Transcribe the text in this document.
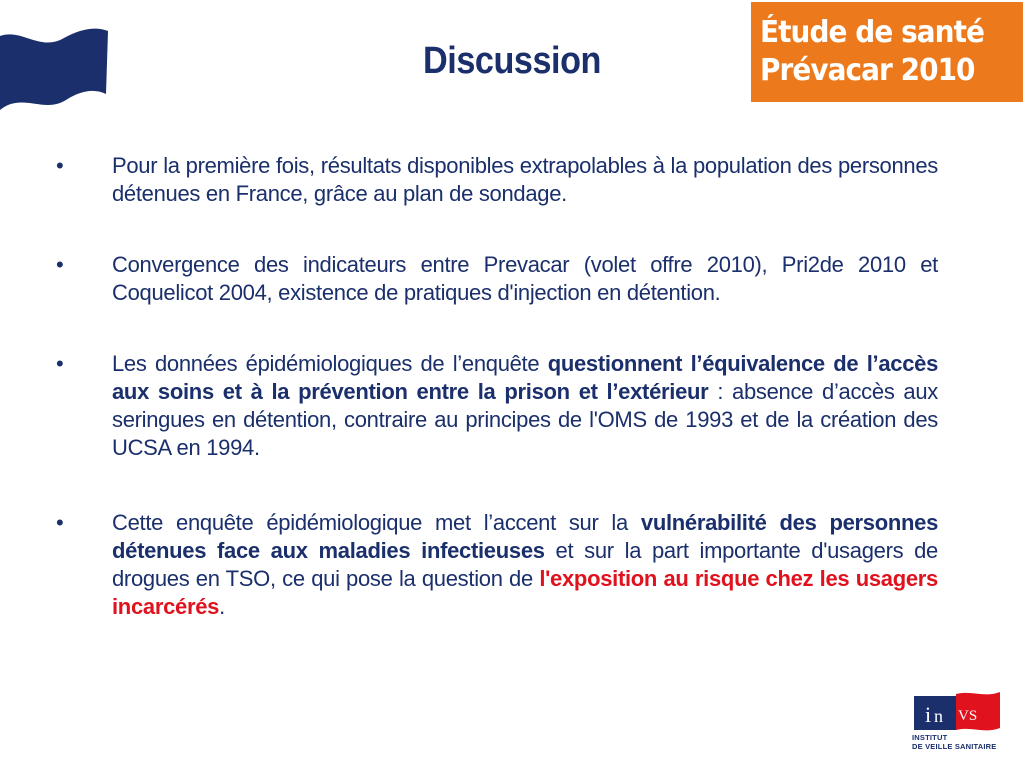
Discussion
Étude de santé
Prévacar 2010
•	Pour la première fois, résultats disponibles extrapolables à la population des personnes détenues en France, grâce au plan de sondage.
•	Convergence des indicateurs entre Prevacar (volet offre 2010), Pri2de 2010 et Coquelicot 2004, existence de pratiques d'injection en détention.
•	Les données épidémiologiques de l’enquête questionnent l’équivalence de l’accès aux soins et à la prévention entre la prison et l’extérieur : absence d’accès aux seringues en détention, contraire au principes de l'OMS de 1993 et de la création des UCSA en 1994.
•	Cette enquête épidémiologique met l’accent sur la vulnérabilité des personnes détenues face aux maladies infectieuses et sur la part importante d'usagers de drogues en TSO, ce qui pose la question de l'exposition au risque chez les usagers incarcérés.
i n VS
INSTITUT
DE VEILLE SANITAIRE
